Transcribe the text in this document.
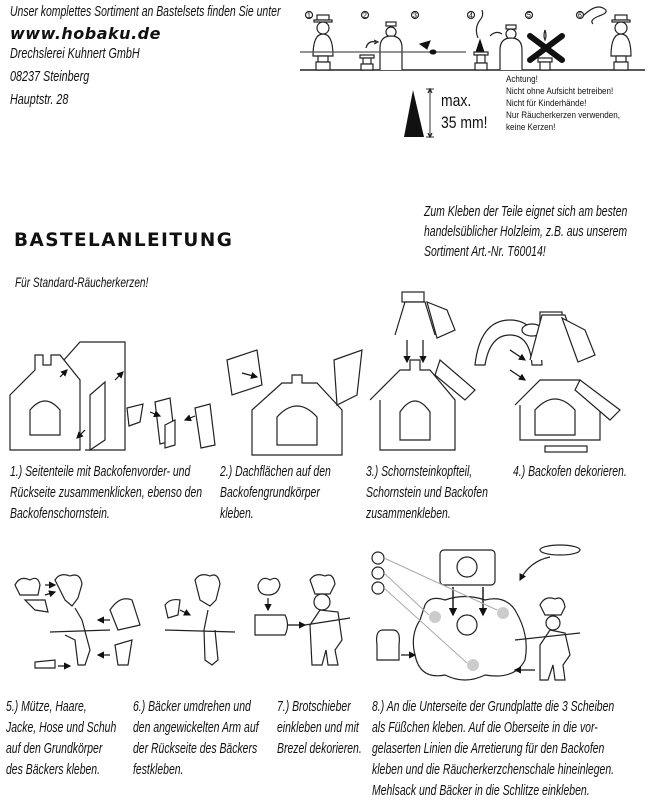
Unser komplettes Sortiment an Bastelsets finden Sie unter
www.hobaku.de
Drechslerei Kuhnert GmbH
08237 Steinberg
Hauptstr. 28
1	2	3	4	5	6
max.
35 mm!
Achtung!
Nicht ohne Aufsicht betreiben!
Nicht für Kinderhände!
Nur Räucherkerzen verwenden,
keine Kerzen!
Zum Kleben der Teile eignet sich am besten
handelsüblicher Holzleim, z.B. aus unserem
Sortiment Art.-Nr. T60014!
BASTELANLEITUNG
Für Standard-Räucherkerzen!
1.) Seitenteile mit Backofenvorder- und
Rückseite zusammenklicken, ebenso den
Backofenschornstein.
2.) Dachflächen auf den
Backofengrundkörper
kleben.
3.) Schornsteinkopfteil,
Schornstein und Backofen
zusammenkleben.
4.) Backofen dekorieren.
5.) Mütze, Haare,
Jacke, Hose und Schuh
auf den Grundkörper
des Bäckers kleben.
6.) Bäcker umdrehen und
den angewickelten Arm auf
der Rückseite des Bäckers
festkleben.
7.) Brotschieber
einkleben und mit
Brezel dekorieren.
8.) An die Unterseite der Grundplatte die 3 Scheiben
als Füßchen kleben. Auf die Oberseite in die vor-
gelaserten Linien die Arretierung für den Backofen
kleben und die Räucherkerzchenschale hineinlegen.
Mehlsack und Bäcker in die Schlitze einkleben.
